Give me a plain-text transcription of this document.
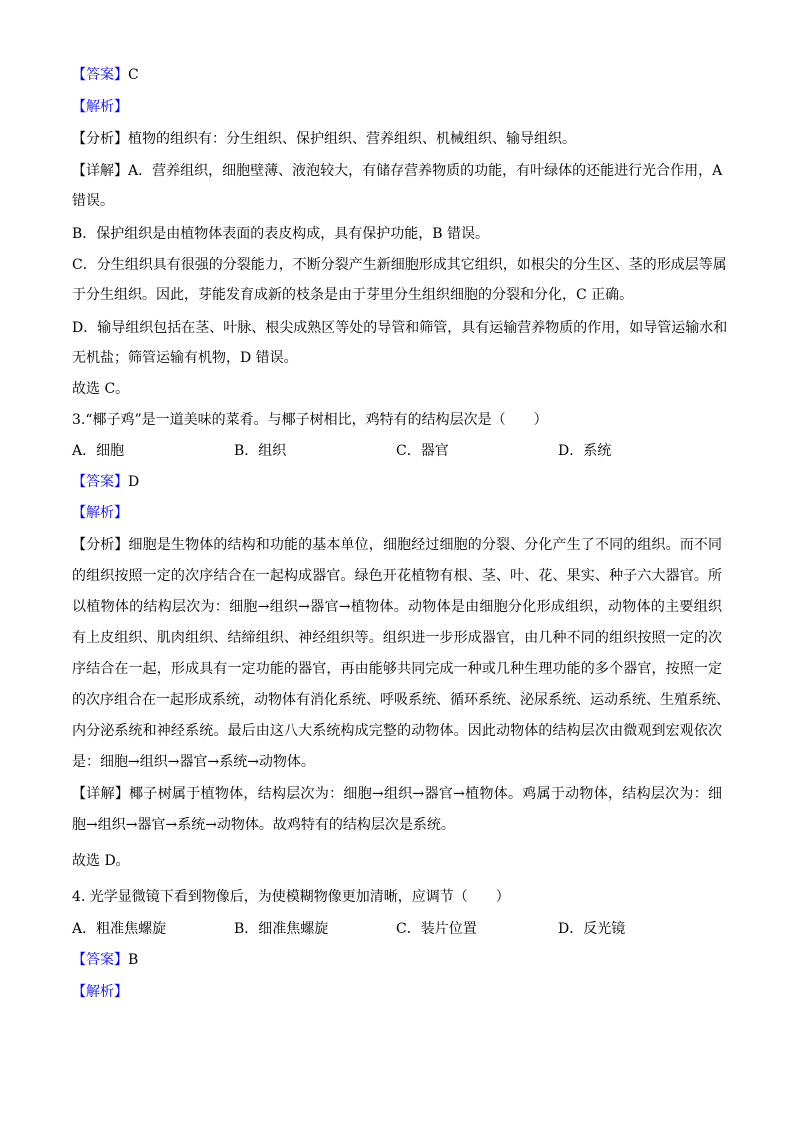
【答案】C
【解析】
【分析】植物的组织有：分生组织、保护组织、营养组织、机械组织、输导组织。
【详解】A．营养组织，细胞壁薄、液泡较大，有储存营养物质的功能，有叶绿体的还能进行光合作用，A
错误。
B．保护组织是由植物体表面的表皮构成，具有保护功能，B 错误。
C．分生组织具有很强的分裂能力，不断分裂产生新细胞形成其它组织，如根尖的分生区、茎的形成层等属
于分生组织。因此，芽能发育成新的枝条是由于芽里分生组织细胞的分裂和分化，C 正确。
D．输导组织包括在茎、叶脉、根尖成熟区等处的导管和筛管，具有运输营养物质的作用，如导管运输水和
无机盐；筛管运输有机物，D 错误。
故选 C。
3.“椰子鸡”是一道美味的菜肴。与椰子树相比，鸡特有的结构层次是（　　）
A．细胞	B．组织	C．器官	D．系统
【答案】D
【解析】
【分析】细胞是生物体的结构和功能的基本单位，细胞经过细胞的分裂、分化产生了不同的组织。而不同
的组织按照一定的次序结合在一起构成器官。绿色开花植物有根、茎、叶、花、果实、种子六大器官。所
以植物体的结构层次为：细胞→组织→器官→植物体。动物体是由细胞分化形成组织，动物体的主要组织
有上皮组织、肌肉组织、结缔组织、神经组织等。组织进一步形成器官，由几种不同的组织按照一定的次
序结合在一起，形成具有一定功能的器官，再由能够共同完成一种或几种生理功能的多个器官，按照一定
的次序组合在一起形成系统，动物体有消化系统、呼吸系统、循环系统、泌尿系统、运动系统、生殖系统、
内分泌系统和神经系统。最后由这八大系统构成完整的动物体。因此动物体的结构层次由微观到宏观依次
是：细胞→组织→器官→系统→动物体。
【详解】椰子树属于植物体，结构层次为：细胞→组织→器官→植物体。鸡属于动物体，结构层次为：细
胞→组织→器官→系统→动物体。故鸡特有的结构层次是系统。
故选 D。
4. 光学显微镜下看到物像后，为使模糊物像更加清晰，应调节（　　）
A．粗准焦螺旋	B．细准焦螺旋	C．装片位置	D．反光镜
【答案】B
【解析】
